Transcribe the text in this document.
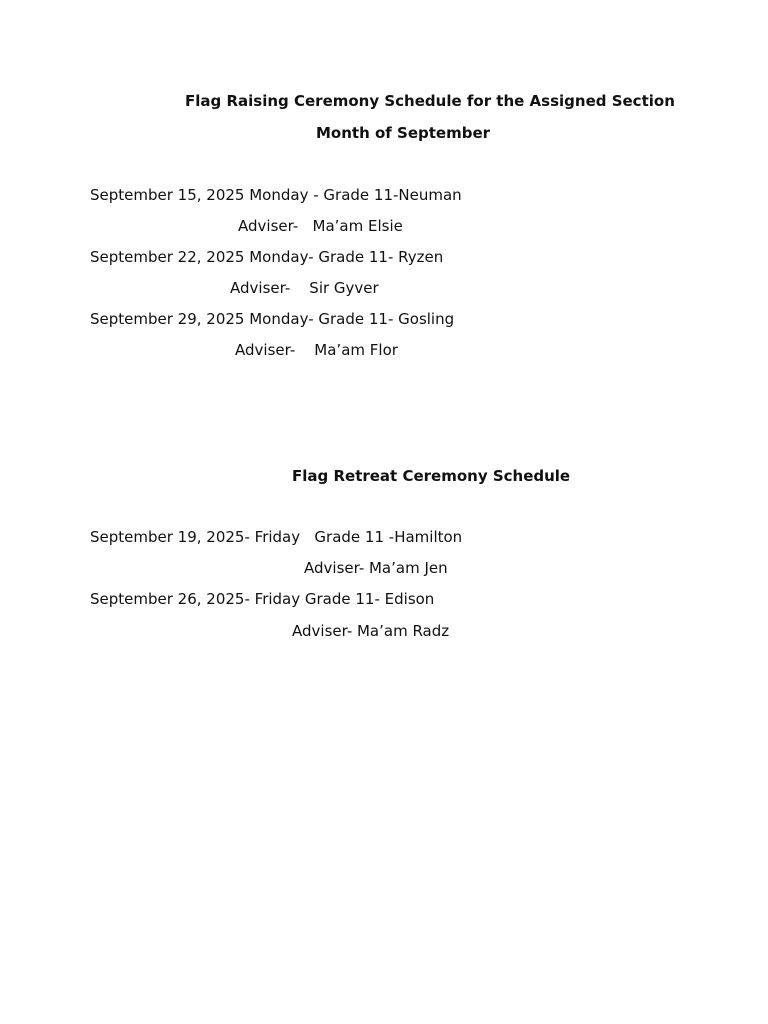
Flag Raising Ceremony Schedule for the Assigned Section
Month of September
September 15, 2025 Monday - Grade 11-Neuman
Adviser-   Ma’am Elsie
September 22, 2025 Monday- Grade 11- Ryzen
Adviser-    Sir Gyver
September 29, 2025 Monday- Grade 11- Gosling
Adviser-    Ma’am Flor
Flag Retreat Ceremony Schedule
September 19, 2025- Friday   Grade 11 -Hamilton
Adviser- Ma’am Jen
September 26, 2025- Friday Grade 11- Edison
Adviser- Ma’am Radz
